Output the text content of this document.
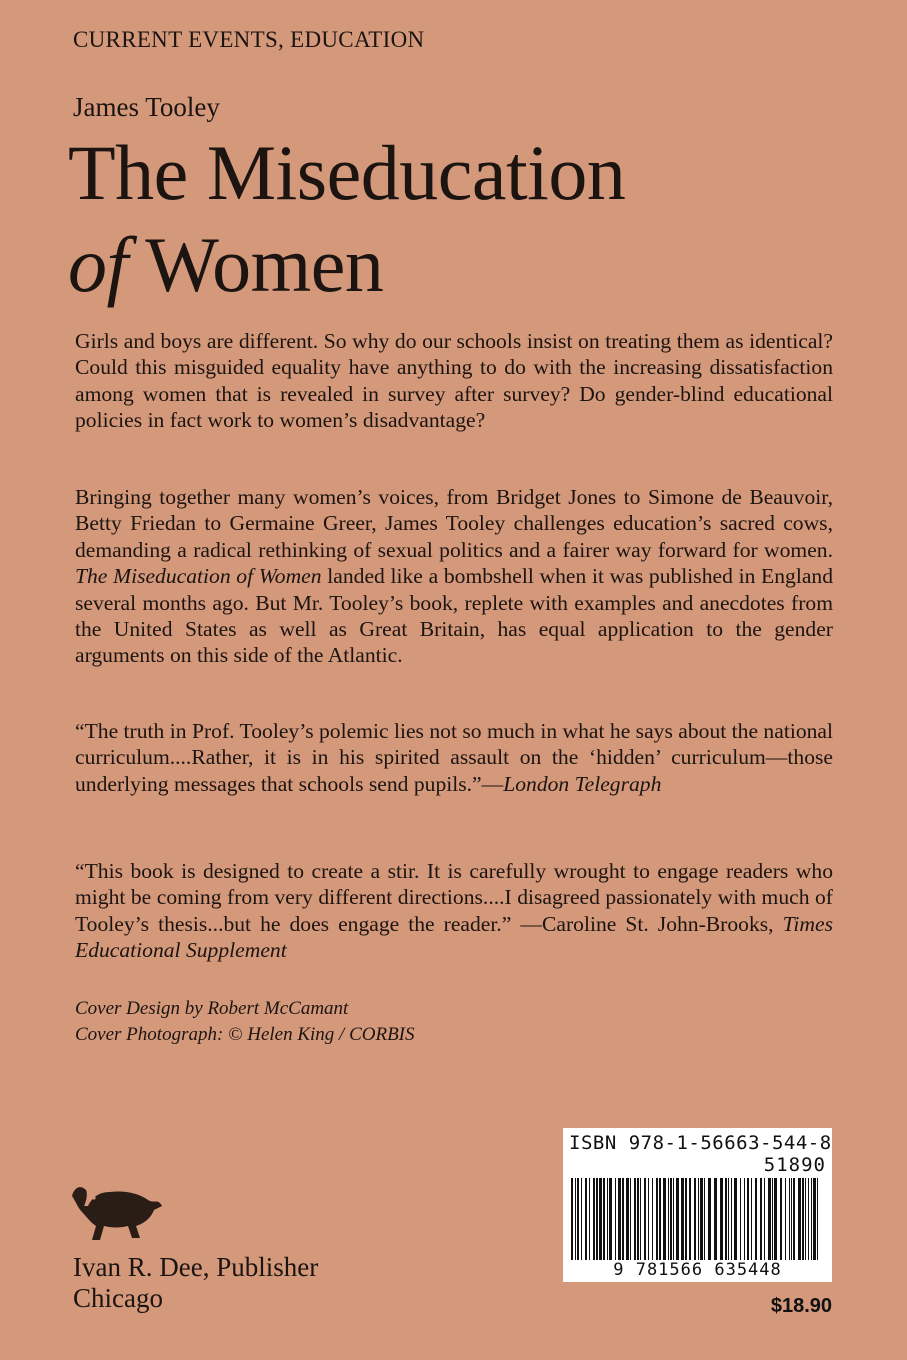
CURRENT EVENTS, EDUCATION
James Tooley
The Miseducation
of Women

Girls and boys are different. So why do our schools insist on treating them as identical? Could this misguided equality have anything to do with the increasing dissatisfaction among women that is revealed in survey after survey? Do gender-blind educational policies in fact work to women’s disadvantage?

Bringing together many women’s voices, from Bridget Jones to Simone de Beauvoir, Betty Friedan to Germaine Greer, James Tooley challenges education’s sacred cows, demanding a radical rethinking of sexual politics and a fairer way forward for women. The Miseducation of Women landed like a bombshell when it was published in England several months ago. But Mr. Tooley’s book, replete with examples and anecdotes from the United States as well as Great Britain, has equal application to the gender arguments on this side of the Atlantic.

“The truth in Prof. Tooley’s polemic lies not so much in what he says about the national curriculum....Rather, it is in his spirited assault on the ‘hidden’ curriculum—those underlying messages that schools send pupils.”—London Telegraph

“This book is designed to create a stir. It is carefully wrought to engage readers who might be coming from very different directions....I disagreed passionately with much of Tooley’s thesis...but he does engage the reader.” —Caroline St. John-Brooks, Times Educational Supplement

Cover Design by Robert McCamant
Cover Photograph: © Helen King / CORBIS
Ivan R. Dee, Publisher
Chicago
ISBN 978-1-56663-544-8
51890
9 781566 635448
$18.90
